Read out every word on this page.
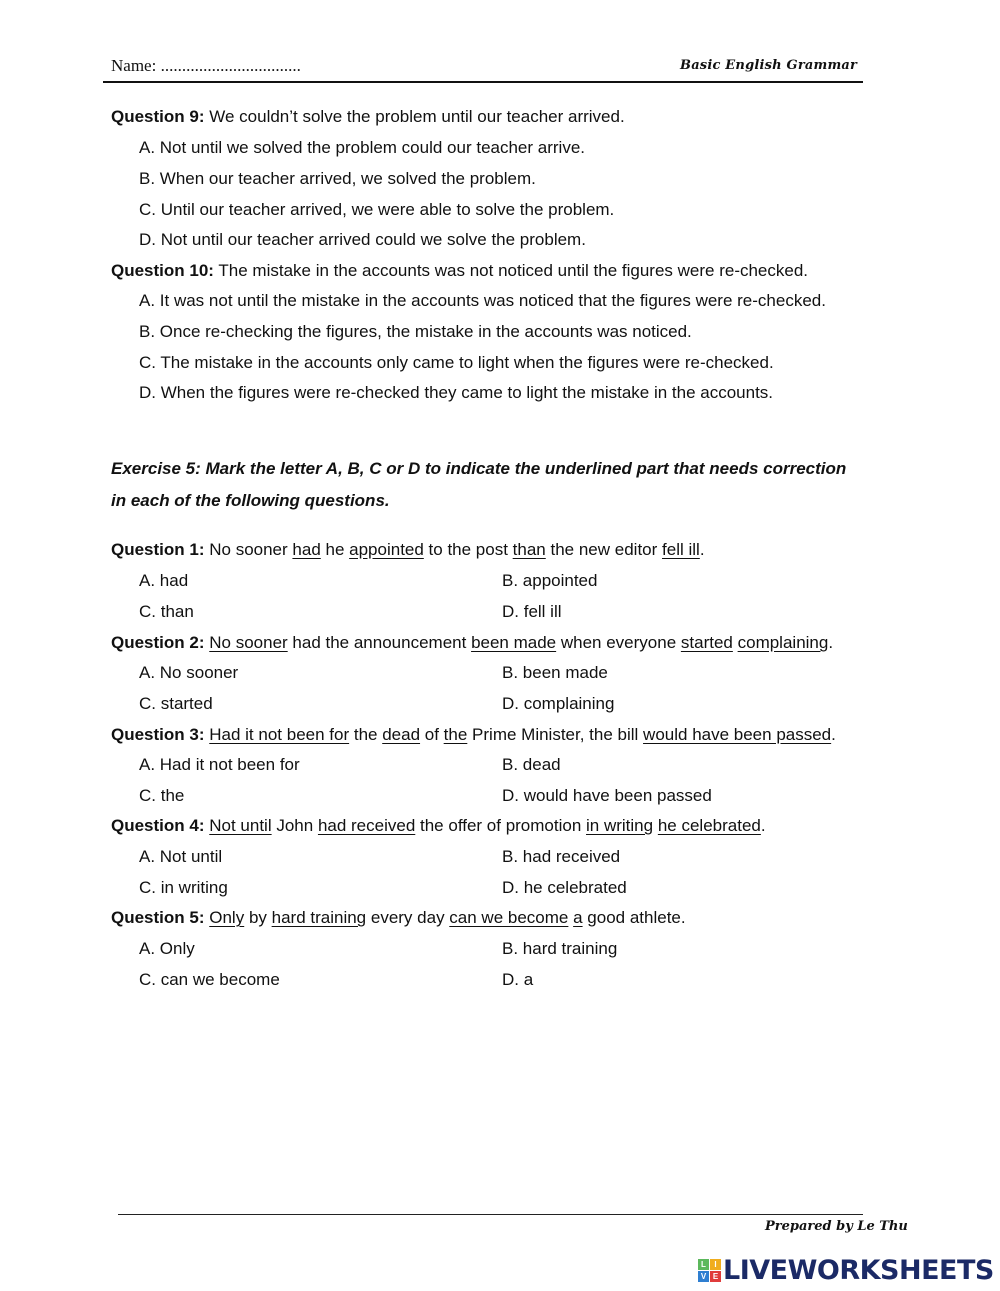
Name: .................................	Basic English Grammar
Question 9: We couldn’t solve the problem until our teacher arrived.
A. Not until we solved the problem could our teacher arrive.
B. When our teacher arrived, we solved the problem.
C. Until our teacher arrived, we were able to solve the problem.
D. Not until our teacher arrived could we solve the problem.
Question 10: The mistake in the accounts was not noticed until the figures were re-checked.
A. It was not until the mistake in the accounts was noticed that the figures were re-checked.
B. Once re-checking the figures, the mistake in the accounts was noticed.
C. The mistake in the accounts only came to light when the figures were re-checked.
D. When the figures were re-checked they came to light the mistake in the accounts.
Exercise 5: Mark the letter A, B, C or D to indicate the underlined part that needs correction
in each of the following questions.
Question 1: No sooner had he appointed to the post than the new editor fell ill.
A. had	B. appointed
C. than	D. fell ill
Question 2: No sooner had the announcement been made when everyone started complaining.
A. No sooner	B. been made
C. started	D. complaining
Question 3: Had it not been for the dead of the Prime Minister, the bill would have been passed.
A. Had it not been for	B. dead
C. the	D. would have been passed
Question 4: Not until John had received the offer of promotion in writing he celebrated.
A. Not until	B. had received
C. in writing	D. he celebrated
Question 5: Only by hard training every day can we become a good athlete.
A. Only	B. hard training
C. can we become	D. a
Prepared by Le Thu
L	I
V E LIVEWORKSHEETS
